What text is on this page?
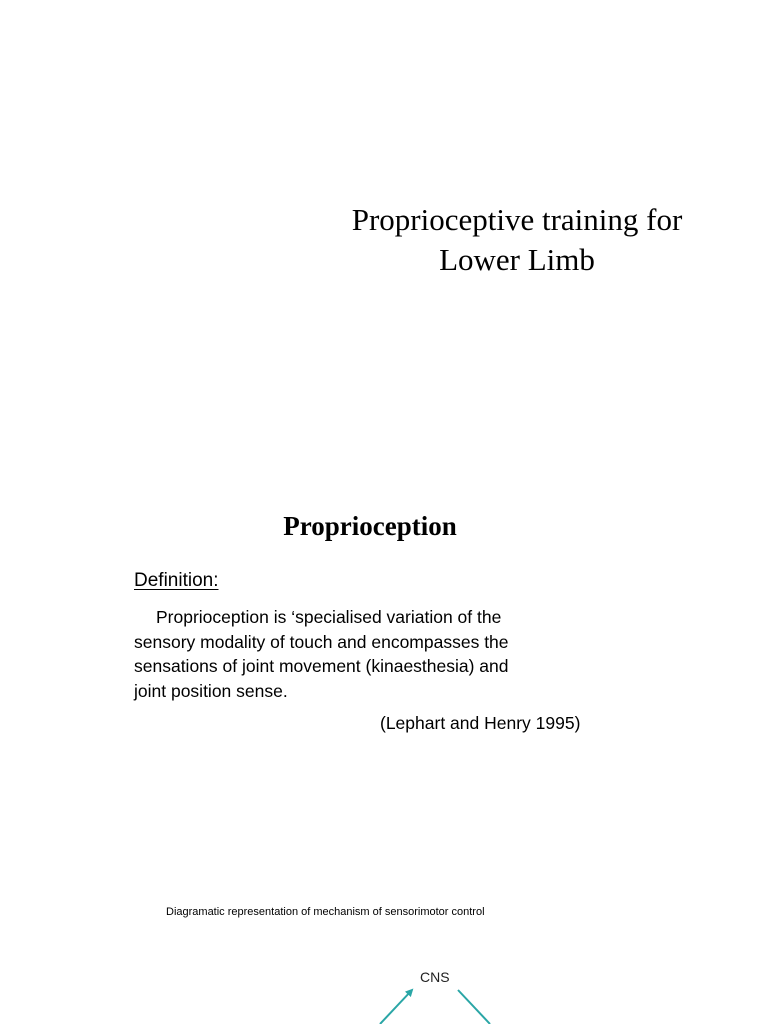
Proprioceptive training for
Lower Limb
Proprioception
Definition:
Proprioception is ‘specialised variation of the
sensory modality of touch and encompasses the
sensations of joint movement (kinaesthesia) and
joint position sense.
(Lephart and Henry 1995)
Diagramatic representation of mechanism of sensorimotor control
CNS
